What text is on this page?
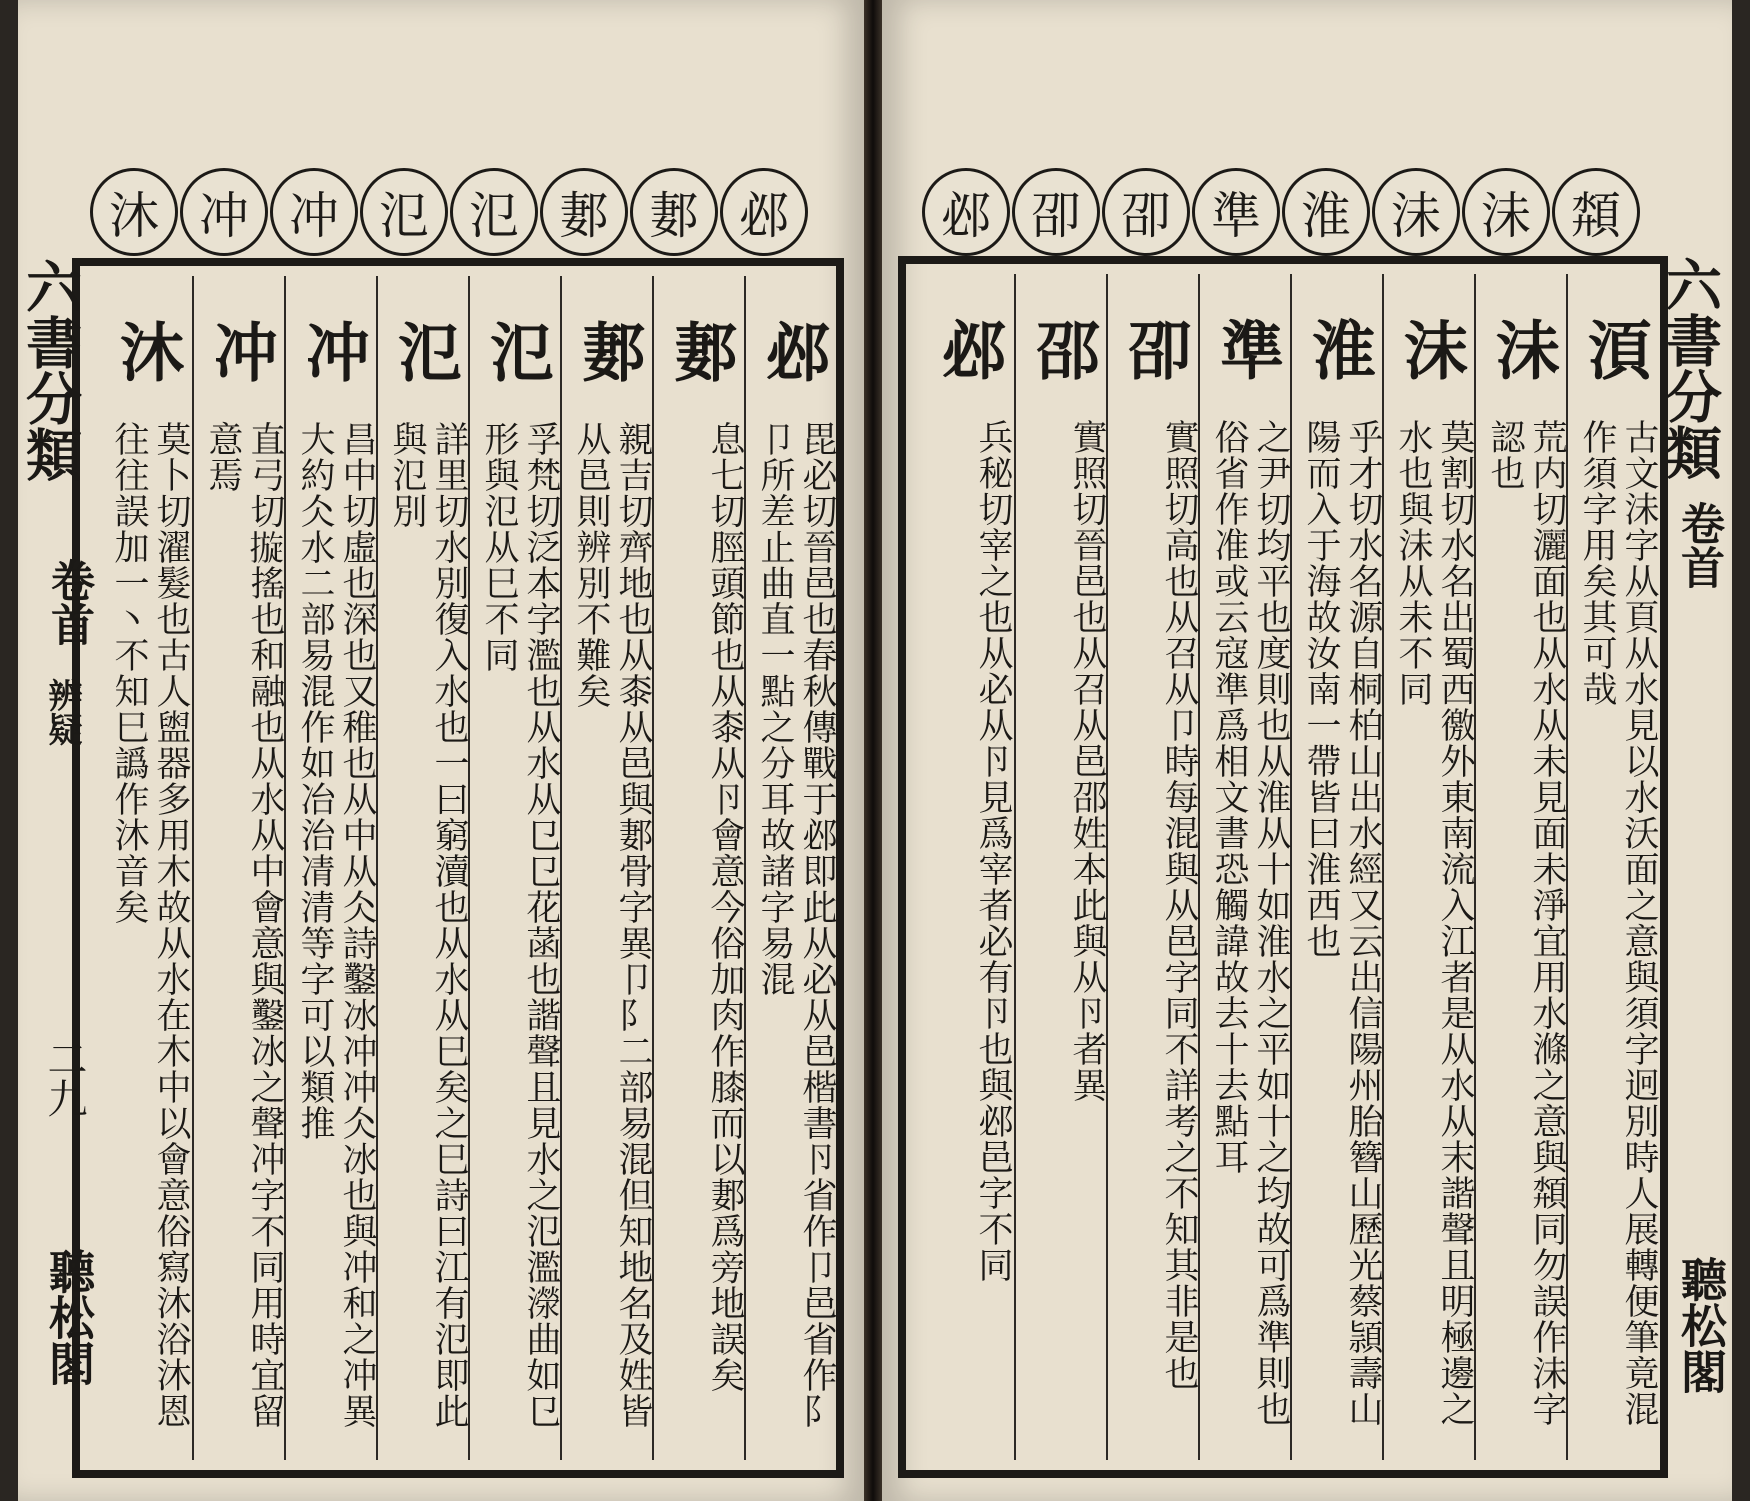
沐 冲 冲 氾 氾 郪 郪 邲
邲
毘必切晉邑也春秋傳戰于邲即此从必从邑楷書卪省作卩邑省作阝卩所差止曲直一點之分耳故諸字易混
郪
息七切脛頭節也从桼从卪會意今俗加肉作膝而以郪爲旁地誤矣
郪
親吉切齊地也从桼从邑與郪骨字異卩阝二部易混但知地名及姓皆从邑則辨別不難矣
氾
孚梵切泛本字濫也从水从㔾㔾花菡也諧聲且見水之氾濫濴曲如㔾形與氾从巳不同
氾
詳里切水別復入水也一曰窮瀆也从水从巳矣之巳詩曰江有氾即此與氾別
冲
昌中切虛也深也又稚也从中从仌詩鑿冰冲冲仌冰也與冲和之冲異大約仌水二部易混作如冶治凊清等字可以類推
冲
直弓切𢳄搖也和融也从水从中會意與鑿冰之聲冲字不同用時宜留意焉
沐
莫卜切濯髮也古人盥器多用木故从水在木中以會意俗寫沐浴沐恩往往誤加一丶不知巳譌作沐音矣
六書分類
卷首
辨疑
二九
聽松閣
邲 卲 卲 準 淮 沬 沬 頮
湏
古文沬字从頁从水見以水沃面之意與須字迥別時人展轉便筆竟混作須字用矣其可哉
沬
荒内切灑面也从水从未見面未淨宜用水滌之意與頮同勿誤作沬字認也
沫
莫割切水名出蜀西徼外東南流入江者是从水从末諧聲且明極邊之水也與沬从未不同
淮
乎才切水名源自桐柏山出水經又云出信陽州胎簪山歷光蔡頴壽山陽而入于海故汝南一帶皆曰淮西也
準
之尹切均平也度則也从淮从十如淮水之平如十之均故可爲準則也俗省作准或云寇準爲相文書恐觸諱故去十去點耳
卲
實照切高也从召从卩時每混與从邑字同不詳考之不知其非是也
邵
實照切晉邑也从召从邑邵姓本此與从卪者異
邲
兵秘切宰之也从必从卪見爲宰者必有卪也與邲邑字不同
六書分類
卷首
聽松閣
